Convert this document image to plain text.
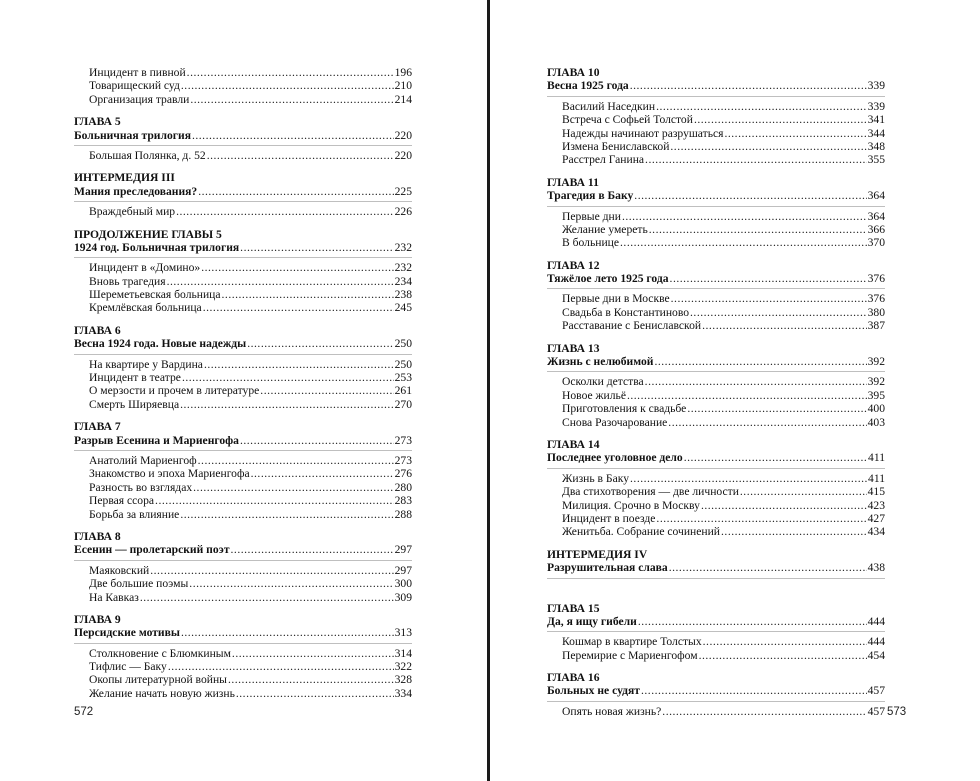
Инцидент в пивной .....	196
Товарищеский суд .....	210
Организация травли .....	214
ГЛАВА 5
Больничная трилогия .....	220
Большая Полянка, д. 52 .....	220
ИНТЕРМЕДИЯ III
Мания преследования? .....	225
Враждебный мир .....	226
ПРОДОЛЖЕНИЕ ГЛАВЫ 5
1924 год. Больничная трилогия .....	232
Инцидент в «Домино» .....	232
Вновь трагедия .....	234
Шереметьевская больница .....	238
Кремлёвская больница .....	245
ГЛАВА 6
Весна 1924 года. Новые надежды .....	250
На квартире у Вардина .....	250
Инцидент в театре .....	253
О мерзости и прочем в литературе .....	261
Смерть Ширяевца .....	270
ГЛАВА 7
Разрыв Есенина и Мариенгофа .....	273
Анатолий Мариенгоф .....	273
Знакомство и эпоха Мариенгофа .....	276
Разность во взглядах .....	280
Первая ссора .....	283
Борьба за влияние .....	288
ГЛАВА 8
Есенин — пролетарский поэт .....	297
Маяковский .....	297
Две большие поэмы .....	300
На Кавказ .....	309
ГЛАВА 9
Персидские мотивы .....	313
Столкновение с Блюмкиным .....	314
Тифлис — Баку .....	322
Окопы литературной войны .....	328
Желание начать новую жизнь .....	334
572
ГЛАВА 10
Весна 1925 года .....	339
Василий Наседкин .....	339
Встреча с Софьей Толстой .....	341
Надежды начинают разрушаться .....	344
Измена Бениславской .....	348
Расстрел Ганина .....	355
ГЛАВА 11
Трагедия в Баку .....	364
Первые дни .....	364
Желание умереть .....	366
В больнице .....	370
ГЛАВА 12
Тяжёлое лето 1925 года .....	376
Первые дни в Москве .....	376
Свадьба в Константиново .....	380
Расставание с Бениславской .....	387
ГЛАВА 13
Жизнь с нелюбимой .....	392
Осколки детства .....	392
Новое жильё .....	395
Приготовления к свадьбе .....	400
Снова Разочарование .....	403
ГЛАВА 14
Последнее уголовное дело .....	411
Жизнь в Баку .....	411
Два стихотворения — две личности .....	415
Милиция. Срочно в Москву .....	423
Инцидент в поезде .....	427
Женитьба. Собрание сочинений .....	434
ИНТЕРМЕДИЯ IV
Разрушительная слава .....	438
ГЛАВА 15
Да, я ищу гибели .....	444
Кошмар в квартире Толстых .....	444
Перемирие с Мариенгофом .....	454
ГЛАВА 16
Больных не судят .....	457
Опять новая жизнь? .....	457 573
